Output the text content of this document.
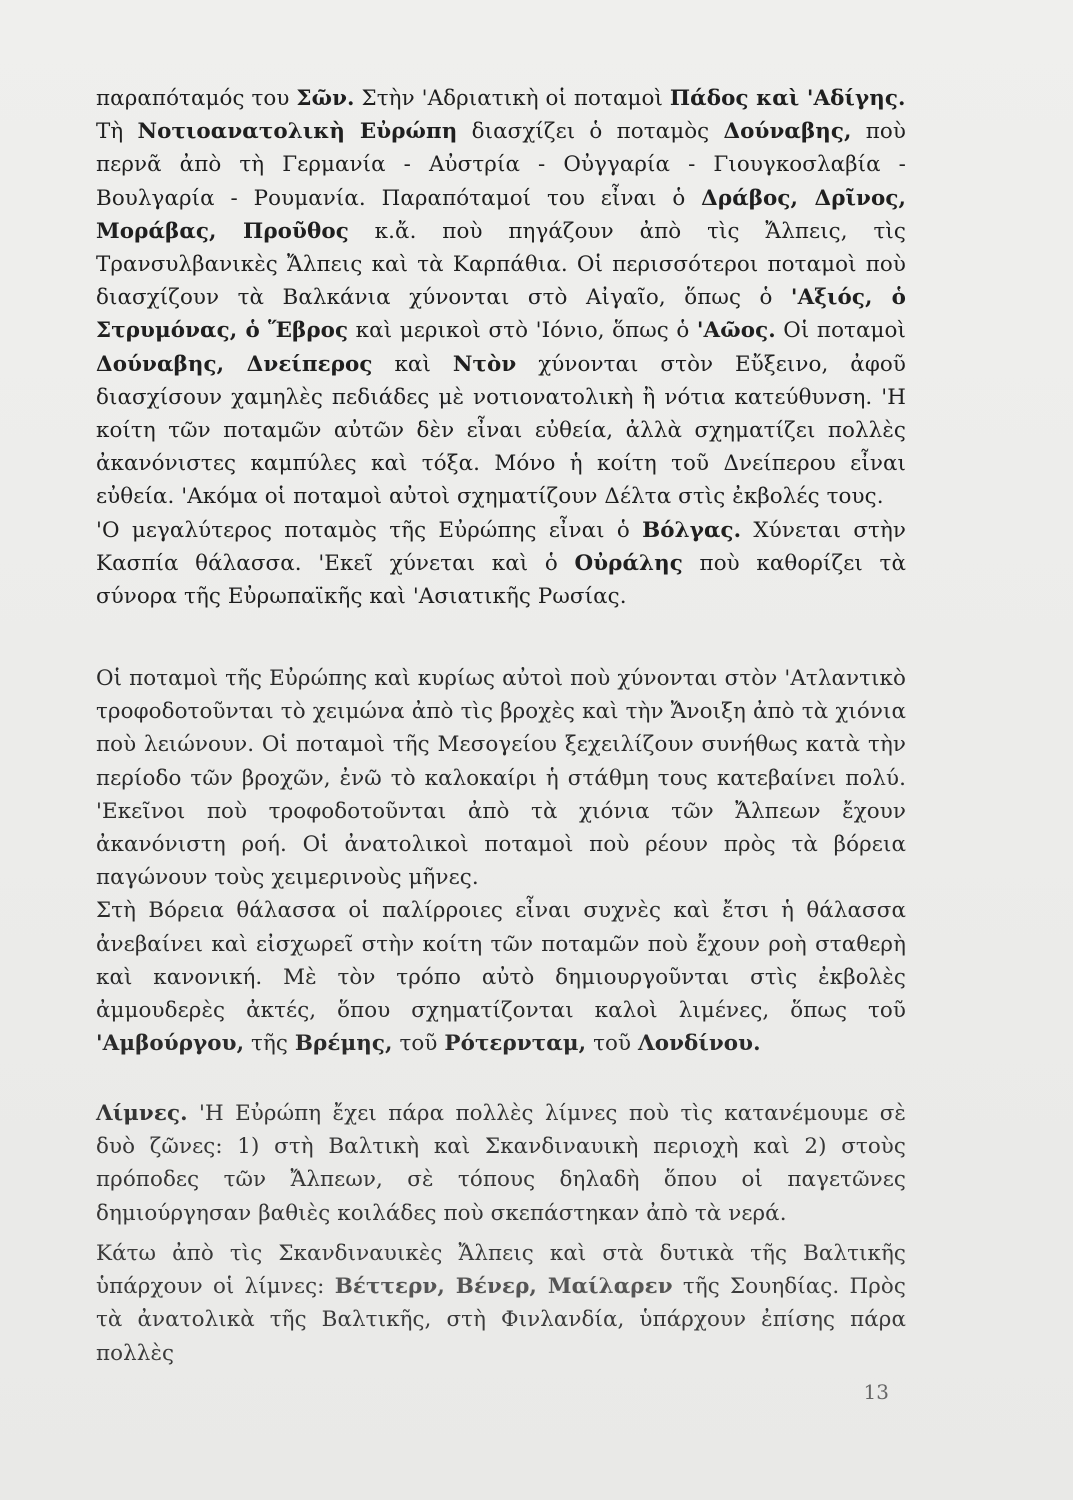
παραπόταμός του Σῶν. Στὴν 'Αδριατικὴ οἱ ποταμοὶ Πάδος καὶ 'Αδίγης.

Τὴ Νοτιοανατολικὴ Εὐρώπη διασχίζει ὁ ποταμὸς Δούναβης, ποὺ περνᾶ ἀπὸ τὴ Γερμανία - Αὐστρία - Οὐγγαρία - Γιουγκοσλαβία - Βουλγαρία - Ρουμανία. Παραπόταμοί του εἶναι ὁ Δράβος, Δρῖνος, Μοράβας, Προῦθος κ.ἄ. ποὺ πηγάζουν ἀπὸ τὶς Ἄλπεις, τὶς Τρανσυλβανικὲς Ἄλπεις καὶ τὰ Καρπάθια. Οἱ περισσότεροι ποταμοὶ ποὺ διασχίζουν τὰ Βαλκάνια χύνονται στὸ Αἰγαῖο, ὅπως ὁ 'Αξιός, ὁ Στρυμόνας, ὁ Ἕβρος καὶ μερικοὶ στὸ 'Ιόνιο, ὅπως ὁ 'Αῶος. Οἱ ποταμοὶ Δούναβης, Δνείπερος καὶ Ντὸν χύνονται στὸν Εὔξεινο, ἀφοῦ διασχίσουν χαμηλὲς πεδιάδες μὲ νοτιονατολικὴ ἢ νότια κατεύθυνση. 'Η κοίτη τῶν ποταμῶν αὐτῶν δὲν εἶναι εὐθεία, ἀλλὰ σχηματίζει πολλὲς ἀκανόνιστες καμπύλες καὶ τόξα. Μόνο ἡ κοίτη τοῦ Δνείπερου εἶναι εὐθεία. 'Ακόμα οἱ ποταμοὶ αὐτοὶ σχηματίζουν Δέλτα στὶς ἐκβολές τους.

'Ο μεγαλύτερος ποταμὸς τῆς Εὐρώπης εἶναι ὁ Βόλγας. Χύνεται στὴν Κασπία θάλασσα. 'Εκεῖ χύνεται καὶ ὁ Οὐράλης ποὺ καθορίζει τὰ σύνορα τῆς Εὐρωπαϊκῆς καὶ 'Ασιατικῆς Ρωσίας.

Οἱ ποταμοὶ τῆς Εὐρώπης καὶ κυρίως αὐτοὶ ποὺ χύνονται στὸν 'Ατλαντικὸ τροφοδοτοῦνται τὸ χειμώνα ἀπὸ τὶς βροχὲς καὶ τὴν Ἄνοιξη ἀπὸ τὰ χιόνια ποὺ λειώνουν. Οἱ ποταμοὶ τῆς Μεσογείου ξεχειλίζουν συνήθως κατὰ τὴν περίοδο τῶν βροχῶν, ἐνῶ τὸ καλοκαίρι ἡ στάθμη τους κατεβαίνει πολύ. 'Εκεῖνοι ποὺ τροφοδοτοῦνται ἀπὸ τὰ χιόνια τῶν Ἄλπεων ἔχουν ἀκανόνιστη ροή. Οἱ ἀνατολικοὶ ποταμοὶ ποὺ ρέουν πρὸς τὰ βόρεια παγώνουν τοὺς χειμερινοὺς μῆνες.

Στὴ Βόρεια θάλασσα οἱ παλίρροιες εἶναι συχνὲς καὶ ἔτσι ἡ θάλασσα ἀνεβαίνει καὶ εἰσχωρεῖ στὴν κοίτη τῶν ποταμῶν ποὺ ἔχουν ροὴ σταθερὴ καὶ κανονική. Μὲ τὸν τρόπο αὐτὸ δημιουργοῦνται στὶς ἐκβολὲς ἀμμουδερὲς ἀκτές, ὅπου σχηματίζονται καλοὶ λιμένες, ὅπως τοῦ 'Αμβούργου, τῆς Βρέμης, τοῦ Ρότερνταμ, τοῦ Λονδίνου.

Λίμνες. 'Η Εὐρώπη ἔχει πάρα πολλὲς λίμνες ποὺ τὶς κατανέμουμε σὲ δυὸ ζῶνες: 1) στὴ Βαλτικὴ καὶ Σκανδιναυικὴ περιοχὴ καὶ 2) στοὺς πρόποδες τῶν Ἄλπεων, σὲ τόπους δηλαδὴ ὅπου οἱ παγετῶνες δημιούργησαν βαθιὲς κοιλάδες ποὺ σκεπάστηκαν ἀπὸ τὰ νερά.

Κάτω ἀπὸ τὶς Σκανδιναυικὲς Ἄλπεις καὶ στὰ δυτικὰ τῆς Βαλτικῆς ὑπάρχουν οἱ λίμνες: Βέττερν, Βένερ, Μαίλαρεν τῆς Σουηδίας. Πρὸς τὰ ἀνατολικὰ τῆς Βαλτικῆς, στὴ Φινλανδία, ὑπάρχουν ἐπίσης πάρα πολλὲς

13
